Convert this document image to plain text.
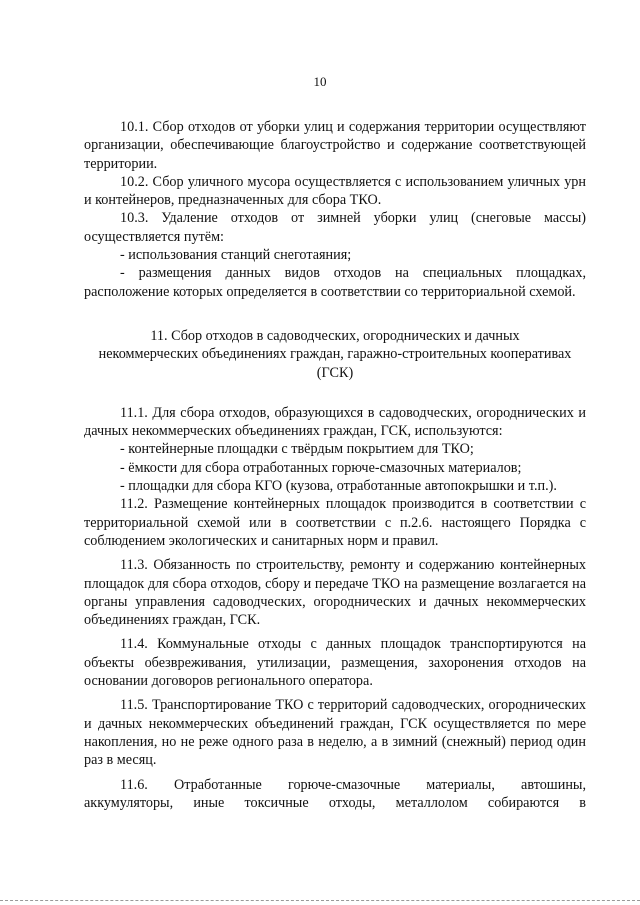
10

10.1. Сбор отходов от уборки улиц и содержания территории осуществляют организации, обеспечивающие благоустройство и содержание соответствующей территории.

10.2. Сбор уличного мусора осуществляется с использованием уличных урн и контейнеров, предназначенных для сбора ТКО.

10.3. Удаление отходов от зимней уборки улиц (снеговые массы) осуществляется путём:

- использования станций снеготаяния;

- размещения данных видов отходов на специальных площадках, расположение которых определяется в соответствии со территориальной схемой.

11. Сбор отходов в садоводческих, огороднических и дачных
некоммерческих объединениях граждан, гаражно-строительных кооперативах
(ГСК)

11.1. Для сбора отходов, образующихся в садоводческих, огороднических и дачных некоммерческих объединениях граждан, ГСК, используются:

- контейнерные площадки с твёрдым покрытием для ТКО;

- ёмкости для сбора отработанных горюче-смазочных материалов;

- площадки для сбора КГО (кузова, отработанные автопокрышки и т.п.).

11.2. Размещение контейнерных площадок производится в соответствии с территориальной схемой или в соответствии с п.2.6. настоящего Порядка с соблюдением экологических и санитарных норм и правил.

11.3. Обязанность по строительству, ремонту и содержанию контейнерных площадок для сбора отходов, сбору и передаче ТКО на размещение возлагается на органы управления садоводческих, огороднических и дачных некоммерческих объединениях граждан, ГСК.

11.4. Коммунальные отходы с данных площадок транспортируются на объекты обезвреживания, утилизации, размещения, захоронения отходов на основании договоров регионального оператора.

11.5. Транспортирование ТКО с территорий садоводческих, огороднических и дачных некоммерческих объединений граждан, ГСК осуществляется по мере накопления, но не реже одного раза в неделю, а в зимний (снежный) период один раз в месяц.

11.6. Отработанные горюче-смазочные материалы, автошины, аккумуляторы, иные токсичные отходы, металлолом собираются в
